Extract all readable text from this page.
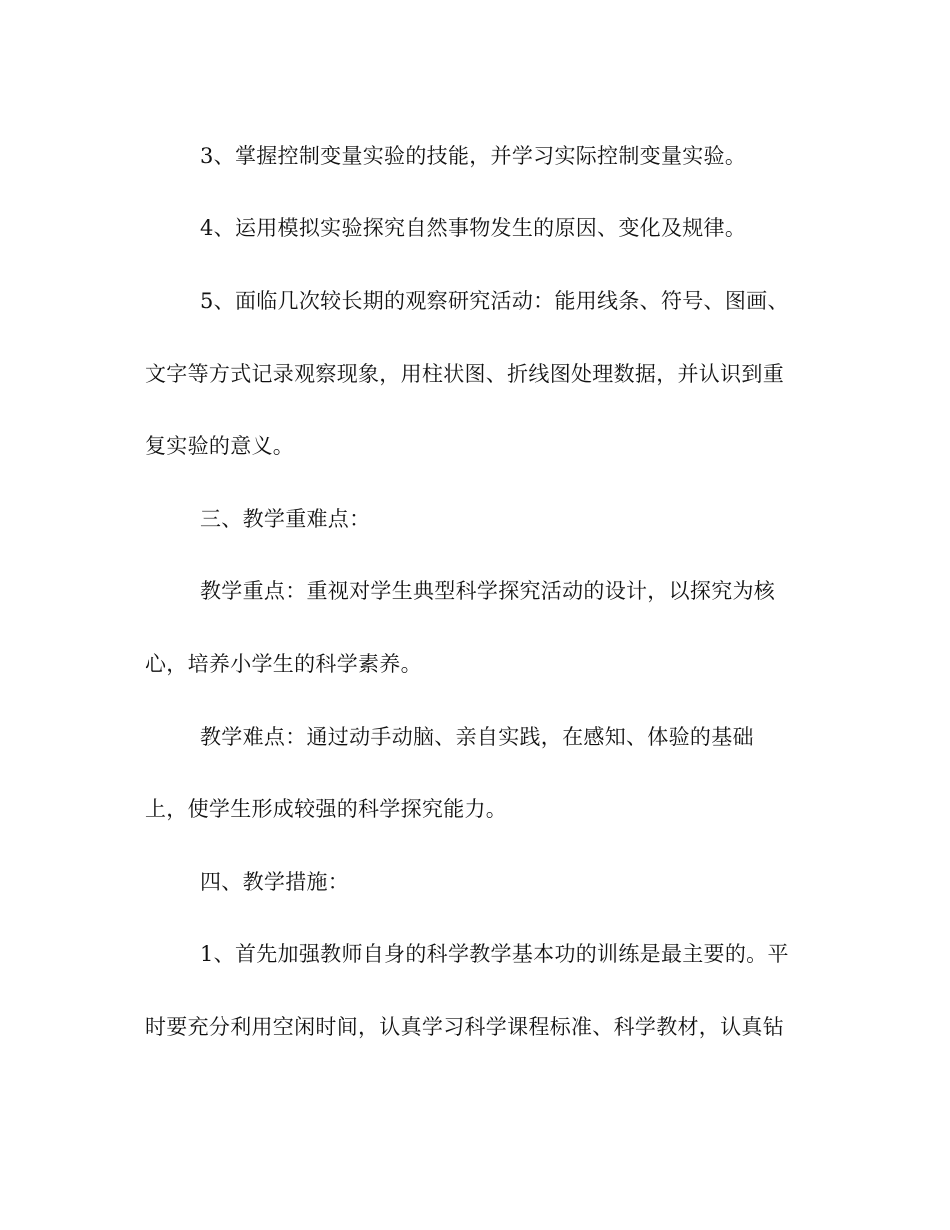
3、掌握控制变量实验的技能，并学习实际控制变量实验。
4、运用模拟实验探究自然事物发生的原因、变化及规律。
5、面临几次较长期的观察研究活动：能用线条、符号、图画、
文字等方式记录观察现象，用柱状图、折线图处理数据，并认识到重
复实验的意义。
三、教学重难点：
教学重点：重视对学生典型科学探究活动的设计，以探究为核
心，培养小学生的科学素养。
教学难点：通过动手动脑、亲自实践，在感知、体验的基础
上，使学生形成较强的科学探究能力。
四、教学措施：
1、首先加强教师自身的科学教学基本功的训练是最主要的。平
时要充分利用空闲时间，认真学习科学课程标准、科学教材，认真钻
